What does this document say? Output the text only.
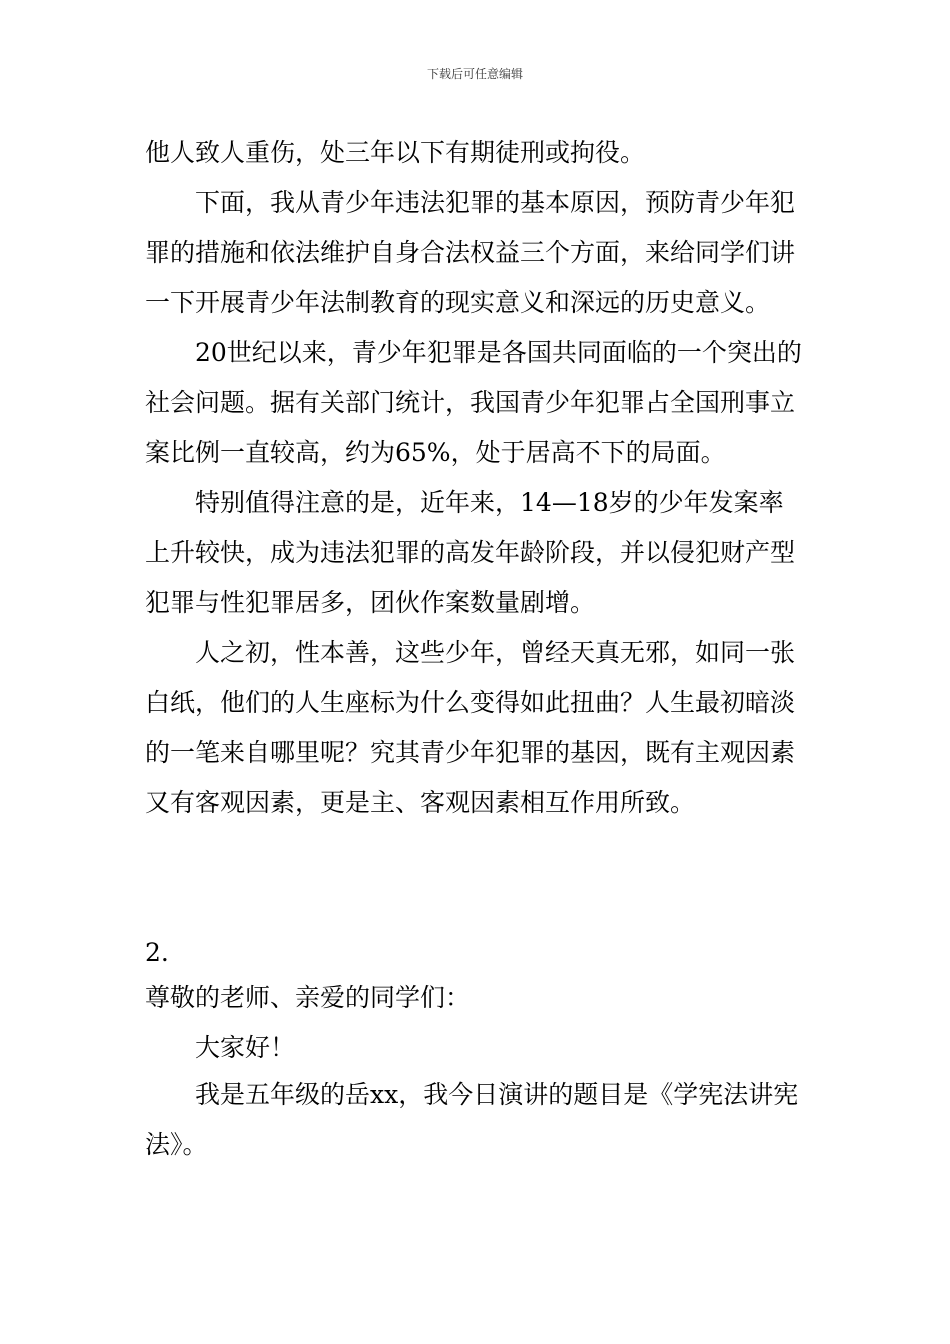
下载后可任意编辑

他人致人重伤，处三年以下有期徒刑或拘役。

下面，我从青少年违法犯罪的基本原因，预防青少年犯罪的措施和依法维护自身合法权益三个方面，来给同学们讲一下开展青少年法制教育的现实意义和深远的历史意义。

20世纪以来，青少年犯罪是各国共同面临的一个突出的社会问题。据有关部门统计，我国青少年犯罪占全国刑事立案比例一直较高，约为65%，处于居高不下的局面。

特别值得注意的是，近年来，14—18岁的少年发案率上升较快，成为违法犯罪的高发年龄阶段，并以侵犯财产型犯罪与性犯罪居多，团伙作案数量剧增。

人之初，性本善，这些少年，曾经天真无邪，如同一张白纸，他们的人生座标为什么变得如此扭曲？人生最初暗淡的一笔来自哪里呢？究其青少年犯罪的基因，既有主观因素又有客观因素，更是主、客观因素相互作用所致。

2.

尊敬的老师、亲爱的同学们：

大家好！

我是五年级的岳xx，我今日演讲的题目是《学宪法讲宪法》。
